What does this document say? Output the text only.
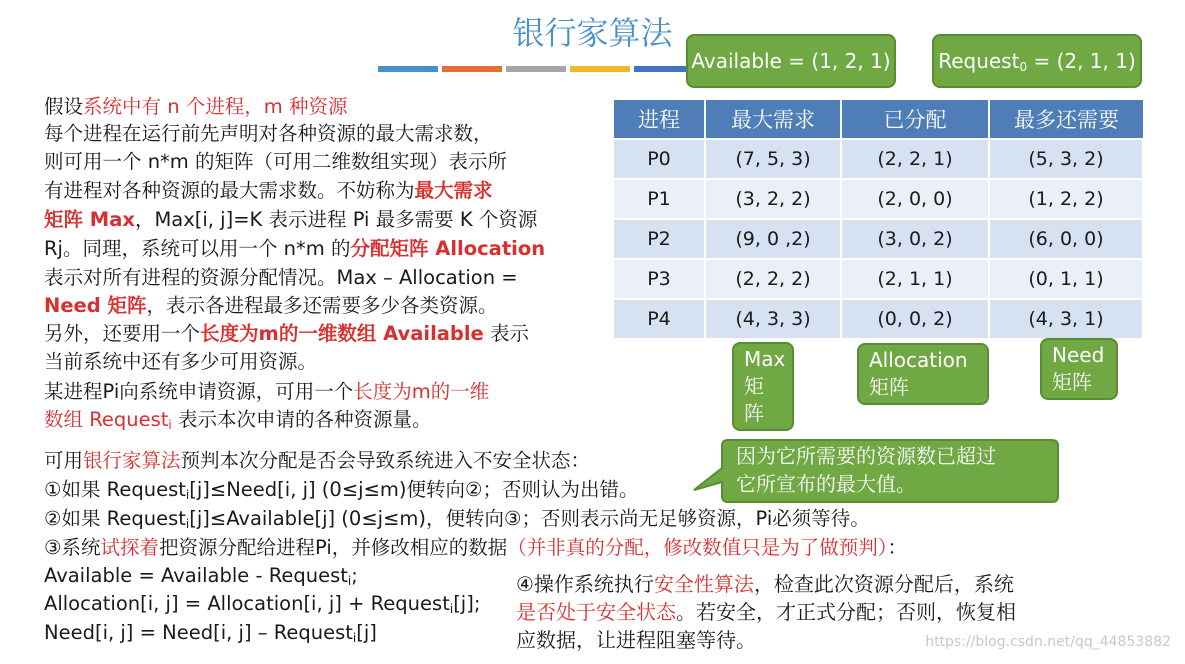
银行家算法
Available = (1, 2, 1)	Request$_0$ = (2, 1, 1)
进程	最大需求	已分配	最多还需要
P0	(7, 5, 3)	(2, 2, 1)	(5, 3, 2)
P1	(3, 2, 2)	(2, 0, 0)	(1, 2, 2)
P2	(9, 0 ,2)	(3, 0, 2)	(6, 0, 0)
P3	(2, 2, 2)	(2, 1, 1)	(0, 1, 1)
P4	(4, 3, 3)	(0, 0, 2)	(4, 3, 1)
Max
矩阵
Allocation
矩阵
Need
矩阵
因为它所需要的资源数已超过
它所宣布的最大值。
假设系统中有 n 个进程，m 种资源
每个进程在运行前先声明对各种资源的最大需求数，
则可用一个 n*m 的矩阵（可用二维数组实现）表示所
有进程对各种资源的最大需求数。不妨称为最大需求
矩阵 Max，Max[i, j]=K 表示进程 Pi 最多需要 K 个资源
Rj。同理，系统可以用一个 n*m 的分配矩阵 Allocation
表示对所有进程的资源分配情况。Max – Allocation =
Need 矩阵，表示各进程最多还需要多少各类资源。
另外，还要用一个长度为m的一维数组 Available 表示
当前系统中还有多少可用资源。
某进程Pi向系统申请资源，可用一个长度为m的一维
数组 Request$_i$ 表示本次申请的各种资源量。
可用银行家算法预判本次分配是否会导致系统进入不安全状态：
①如果 Request$_i$[j]≤Need[i, j] (0≤j≤m)便转向②；否则认为出错。
②如果 Request$_i$[j]≤Available[j] (0≤j≤m)，便转向③；否则表示尚无足够资源，Pi必须等待。
③系统试探着把资源分配给进程Pi，并修改相应的数据（并非真的分配，修改数值只是为了做预判）：
Available = Available - Request$_i$;
Allocation[i, j] = Allocation[i, j] + Request$_i$[j];
Need[i, j] = Need[i, j] – Request$_i$[j]
④操作系统执行安全性算法，检查此次资源分配后，系统
是否处于安全状态。若安全，才正式分配；否则，恢复相
应数据，让进程阻塞等待。	https://blog.csdn.net/qq_44853882
